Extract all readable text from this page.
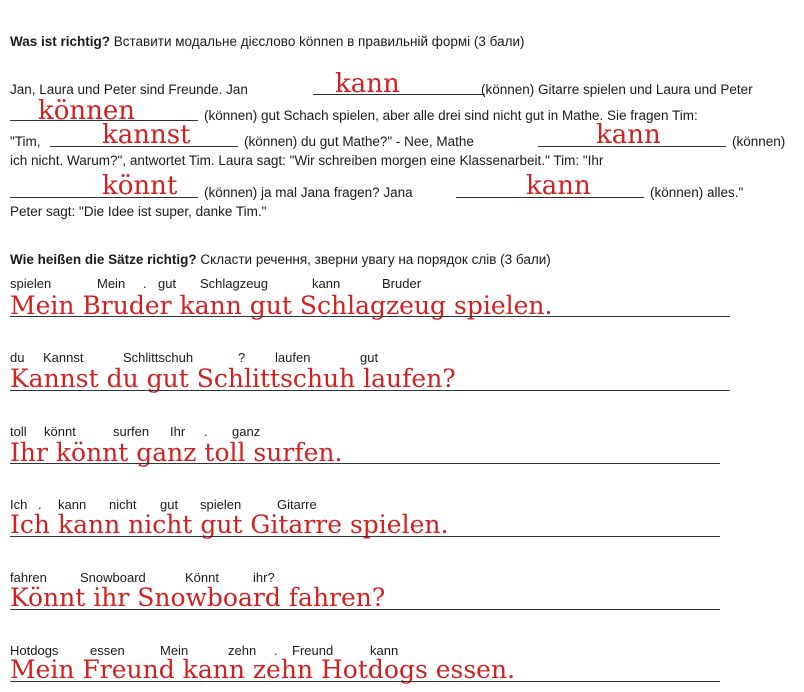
Was ist richtig? Вставити модальне дієслово können в правильній формі (3 бали)
Jan, Laura und Peter sind Freunde. Jan	kann	(können) Gitarre spielen und Laura und Peter
können	(können) gut Schach spielen, aber alle drei sind nicht gut in Mathe. Sie fragen Tim:
"Tim, kannst	(können) du gut Mathe?" - Nee, Mathe	kann	(können)
ich nicht. Warum?", antwortet Tim. Laura sagt: "Wir schreiben morgen eine Klassenarbeit." Tim: "Ihr
könnt (können) ja mal Jana fragen? Jana	kann	(können) alles."
Peter sagt: "Die Idee ist super, danke Tim."
Wie heißen die Sätze richtig? Скласти речення, зверни увагу на порядок слів (3 бали)
spielen	Mein . gut Schlagzeug	kann	Bruder
Mein Bruder kann gut Schlagzeug spielen.
du Kannst	Schlittschuh	? laufen	gut
Kannst du gut Schlittschuh laufen?
toll könnt	surfen Ihr . ganz
Ihr könnt ganz toll surfen.
Ich . kann nicht gut spielen	Gitarre
Ich kann nicht gut Gitarre spielen.
fahren	Snowboard	Könnt	ihr?
Könnt ihr Snowboard fahren?
Hotdogs essen	Mein	zehn . Freund	kann
Mein Freund kann zehn Hotdogs essen.
